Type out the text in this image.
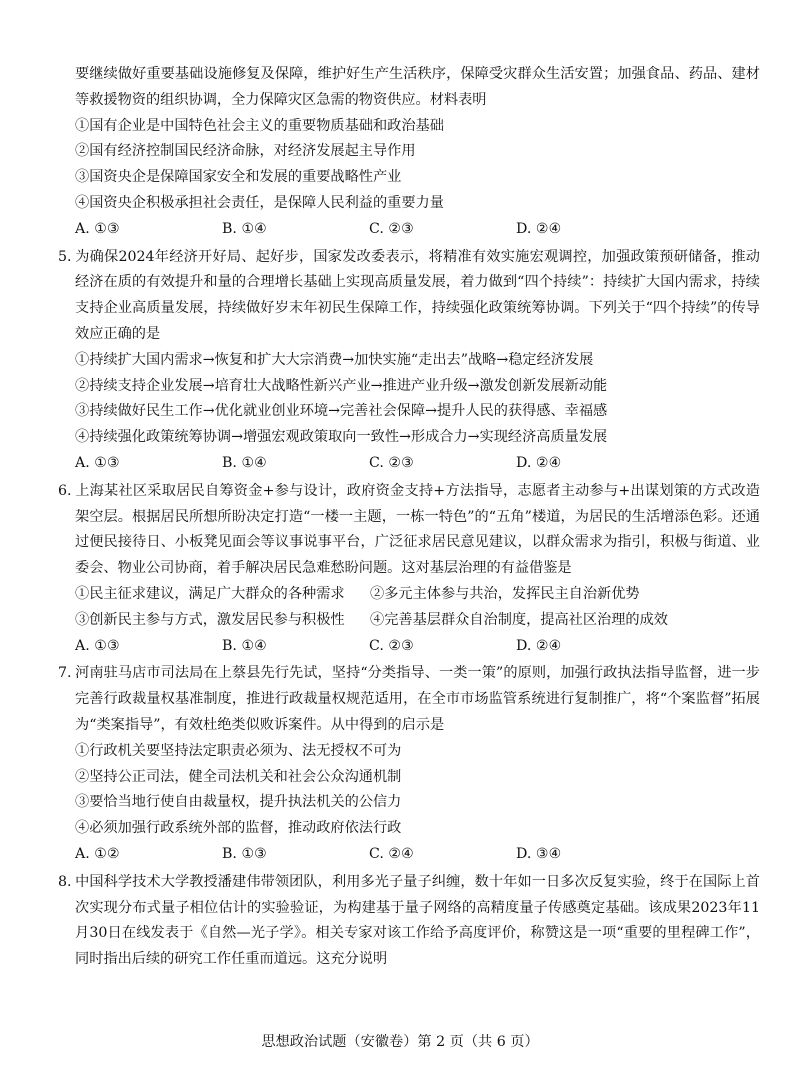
要继续做好重要基础设施修复及保障，维护好生产生活秩序，保障受灾群众生活安置；加强食品、药品、建材等救援物资的组织协调，全力保障灾区急需的物资供应。材料表明

①国有企业是中国特色社会主义的重要物质基础和政治基础

②国有经济控制国民经济命脉，对经济发展起主导作用

③国资央企是保障国家安全和发展的重要战略性产业

④国资央企积极承担社会责任，是保障人民利益的重要力量

A. ①③	B. ①④	C. ②③	D. ②④

5. 为确保2024年经济开好局、起好步，国家发改委表示，将精准有效实施宏观调控，加强政策预研储备，推动经济在质的有效提升和量的合理增长基础上实现高质量发展，着力做到“四个持续”：持续扩大国内需求，持续支持企业高质量发展，持续做好岁末年初民生保障工作，持续强化政策统筹协调。下列关于“四个持续”的传导效应正确的是

①持续扩大国内需求→恢复和扩大大宗消费→加快实施“走出去”战略→稳定经济发展

②持续支持企业发展→培育壮大战略性新兴产业→推进产业升级→激发创新发展新动能

③持续做好民生工作→优化就业创业环境→完善社会保障→提升人民的获得感、幸福感

④持续强化政策统筹协调→增强宏观政策取向一致性→形成合力→实现经济高质量发展

A. ①③	B. ①④	C. ②③	D. ②④

6. 上海某社区采取居民自筹资金+参与设计，政府资金支持+方法指导，志愿者主动参与+出谋划策的方式改造架空层。根据居民所想所盼决定打造“一楼一主题，一栋一特色”的“五角”楼道，为居民的生活增添色彩。还通过便民接待日、小板凳见面会等议事说事平台，广泛征求居民意见建议，以群众需求为指引，积极与街道、业委会、物业公司协商，着手解决居民急难愁盼问题。这对基层治理的有益借鉴是

①民主征求建议，满足广大群众的各种需求	②多元主体参与共治，发挥民主自治新优势
③创新民主参与方式，激发居民参与积极性	④完善基层群众自治制度，提高社区治理的成效
A. ①③	B. ①④	C. ②③	D. ②④

7. 河南驻马店市司法局在上蔡县先行先试，坚持“分类指导、一类一策”的原则，加强行政执法指导监督，进一步完善行政裁量权基准制度，推进行政裁量权规范适用，在全市市场监管系统进行复制推广，将“个案监督”拓展为“类案指导”，有效杜绝类似败诉案件。从中得到的启示是

①行政机关要坚持法定职责必须为、法无授权不可为

②坚持公正司法，健全司法机关和社会公众沟通机制

③要恰当地行使自由裁量权，提升执法机关的公信力

④必须加强行政系统外部的监督，推动政府依法行政

A. ①②	B. ①③	C. ②④	D. ③④

8. 中国科学技术大学教授潘建伟带领团队，利用多光子量子纠缠，数十年如一日多次反复实验，终于在国际上首次实现分布式量子相位估计的实验验证，为构建基于量子网络的高精度量子传感奠定基础。该成果2023年11月30日在线发表于《自然—光子学》。相关专家对该工作给予高度评价，称赞这是一项“重要的里程碑工作”，同时指出后续的研究工作任重而道远。这充分说明

思想政治试题（安徽卷）第 2 页（共 6 页）
